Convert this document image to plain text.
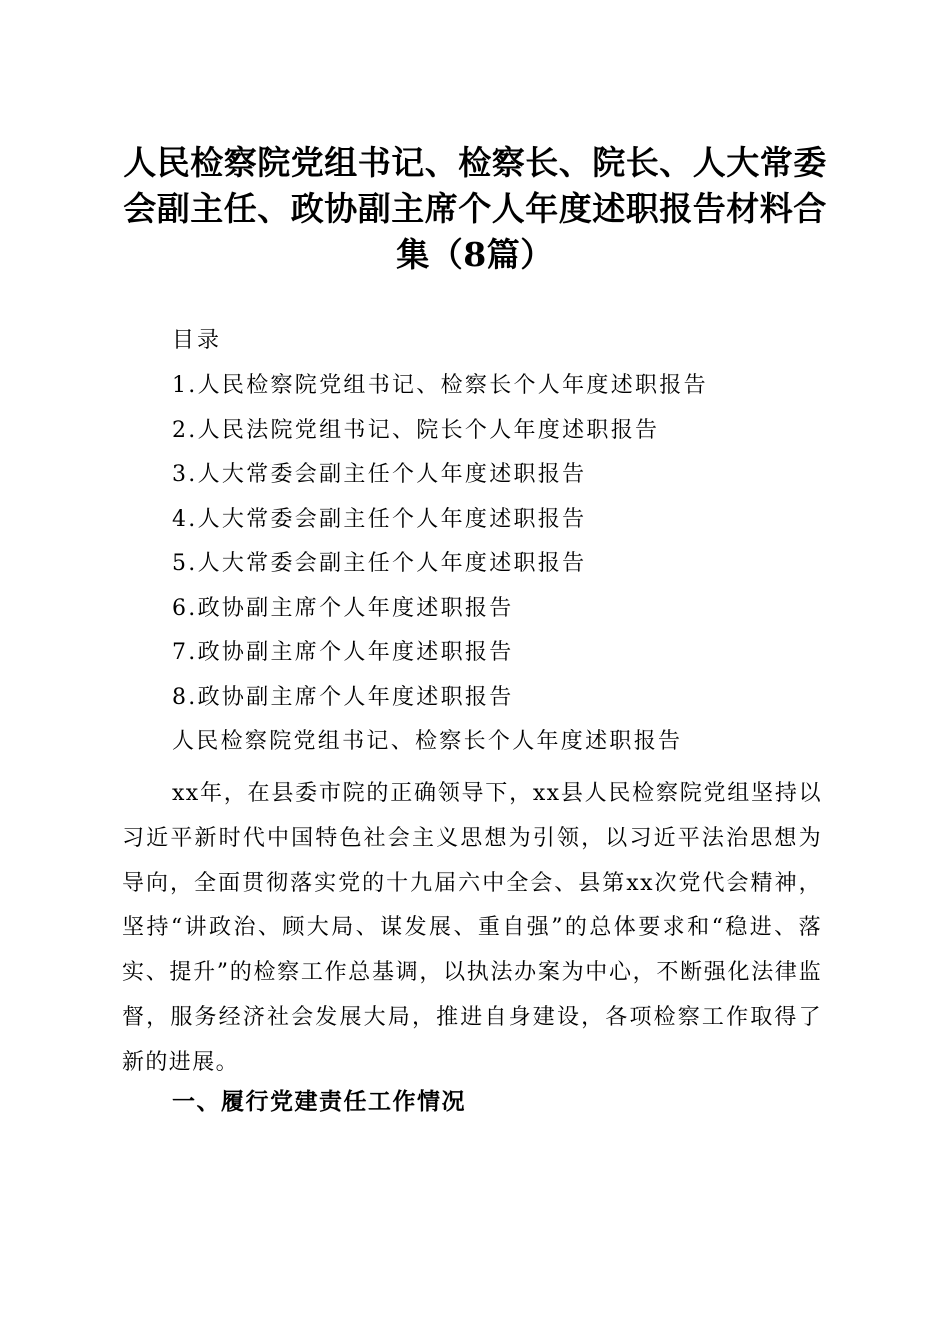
人民检察院党组书记、检察长、院长、人大常委会副主任、政协副主席个人年度述职报告材料合集（8篇）
目录
1.人民检察院党组书记、检察长个人年度述职报告
2.人民法院党组书记、院长个人年度述职报告
3.人大常委会副主任个人年度述职报告
4.人大常委会副主任个人年度述职报告
5.人大常委会副主任个人年度述职报告
6.政协副主席个人年度述职报告
7.政协副主席个人年度述职报告
8.政协副主席个人年度述职报告
人民检察院党组书记、检察长个人年度述职报告

xx年，在县委市院的正确领导下，xx县人民检察院党组坚持以习近平新时代中国特色社会主义思想为引领，以习近平法治思想为导向，全面贯彻落实党的十九届六中全会、县第xx次党代会精神，坚持“讲政治、顾大局、谋发展、重自强”的总体要求和“稳进、落实、提升”的检察工作总基调，以执法办案为中心，不断强化法律监督，服务经济社会发展大局，推进自身建设，各项检察工作取得了新的进展。

一、履行党建责任工作情况
